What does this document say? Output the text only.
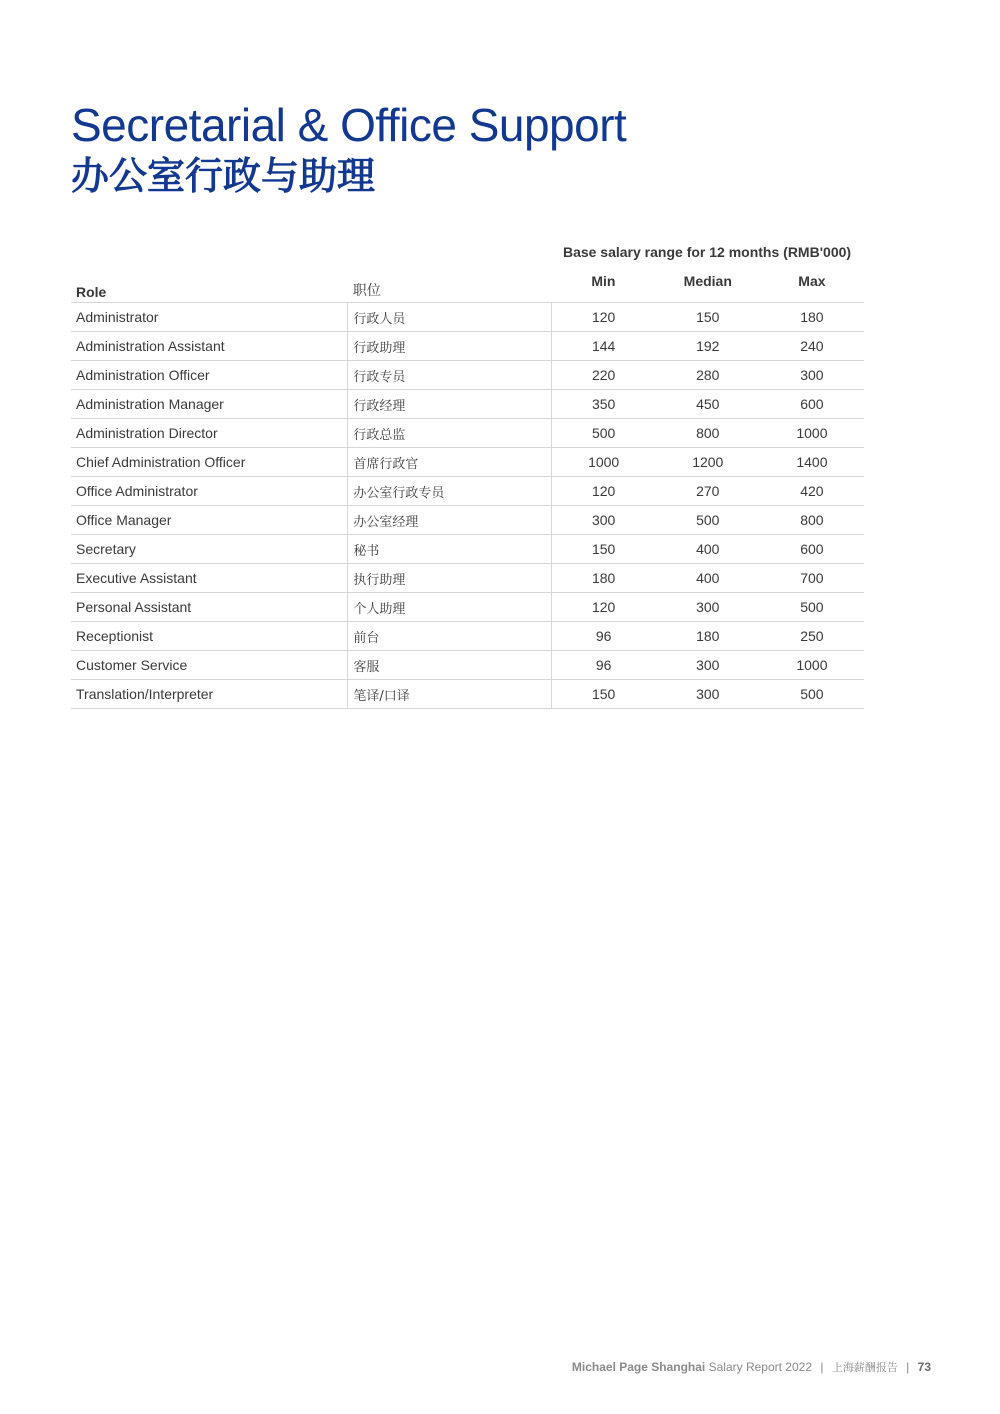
Secretarial & Office Support
办公室行政与助理
Base salary range for 12 months (RMB'000)
Role	职位	Min	Median	Max
Administrator	行政人员	120	150	180
Administration Assistant	行政助理	144	192	240
Administration Officer	行政专员	220	280	300
Administration Manager	行政经理	350	450	600
Administration Director	行政总监	500	800	1000
Chief Administration Officer	首席行政官	1000	1200	1400
Office Administrator	办公室行政专员	120	270	420
Office Manager	办公室经理	300	500	800
Secretary	秘书	150	400	600
Executive Assistant	执行助理	180	400	700
Personal Assistant	个人助理	120	300	500
Receptionist	前台	96	180	250
Customer Service	客服	96	300	1000
Translation/Interpreter	笔译/口译	150	300	500
Michael Page Shanghai Salary Report 2022 | 上海薪酬报告 | 73
